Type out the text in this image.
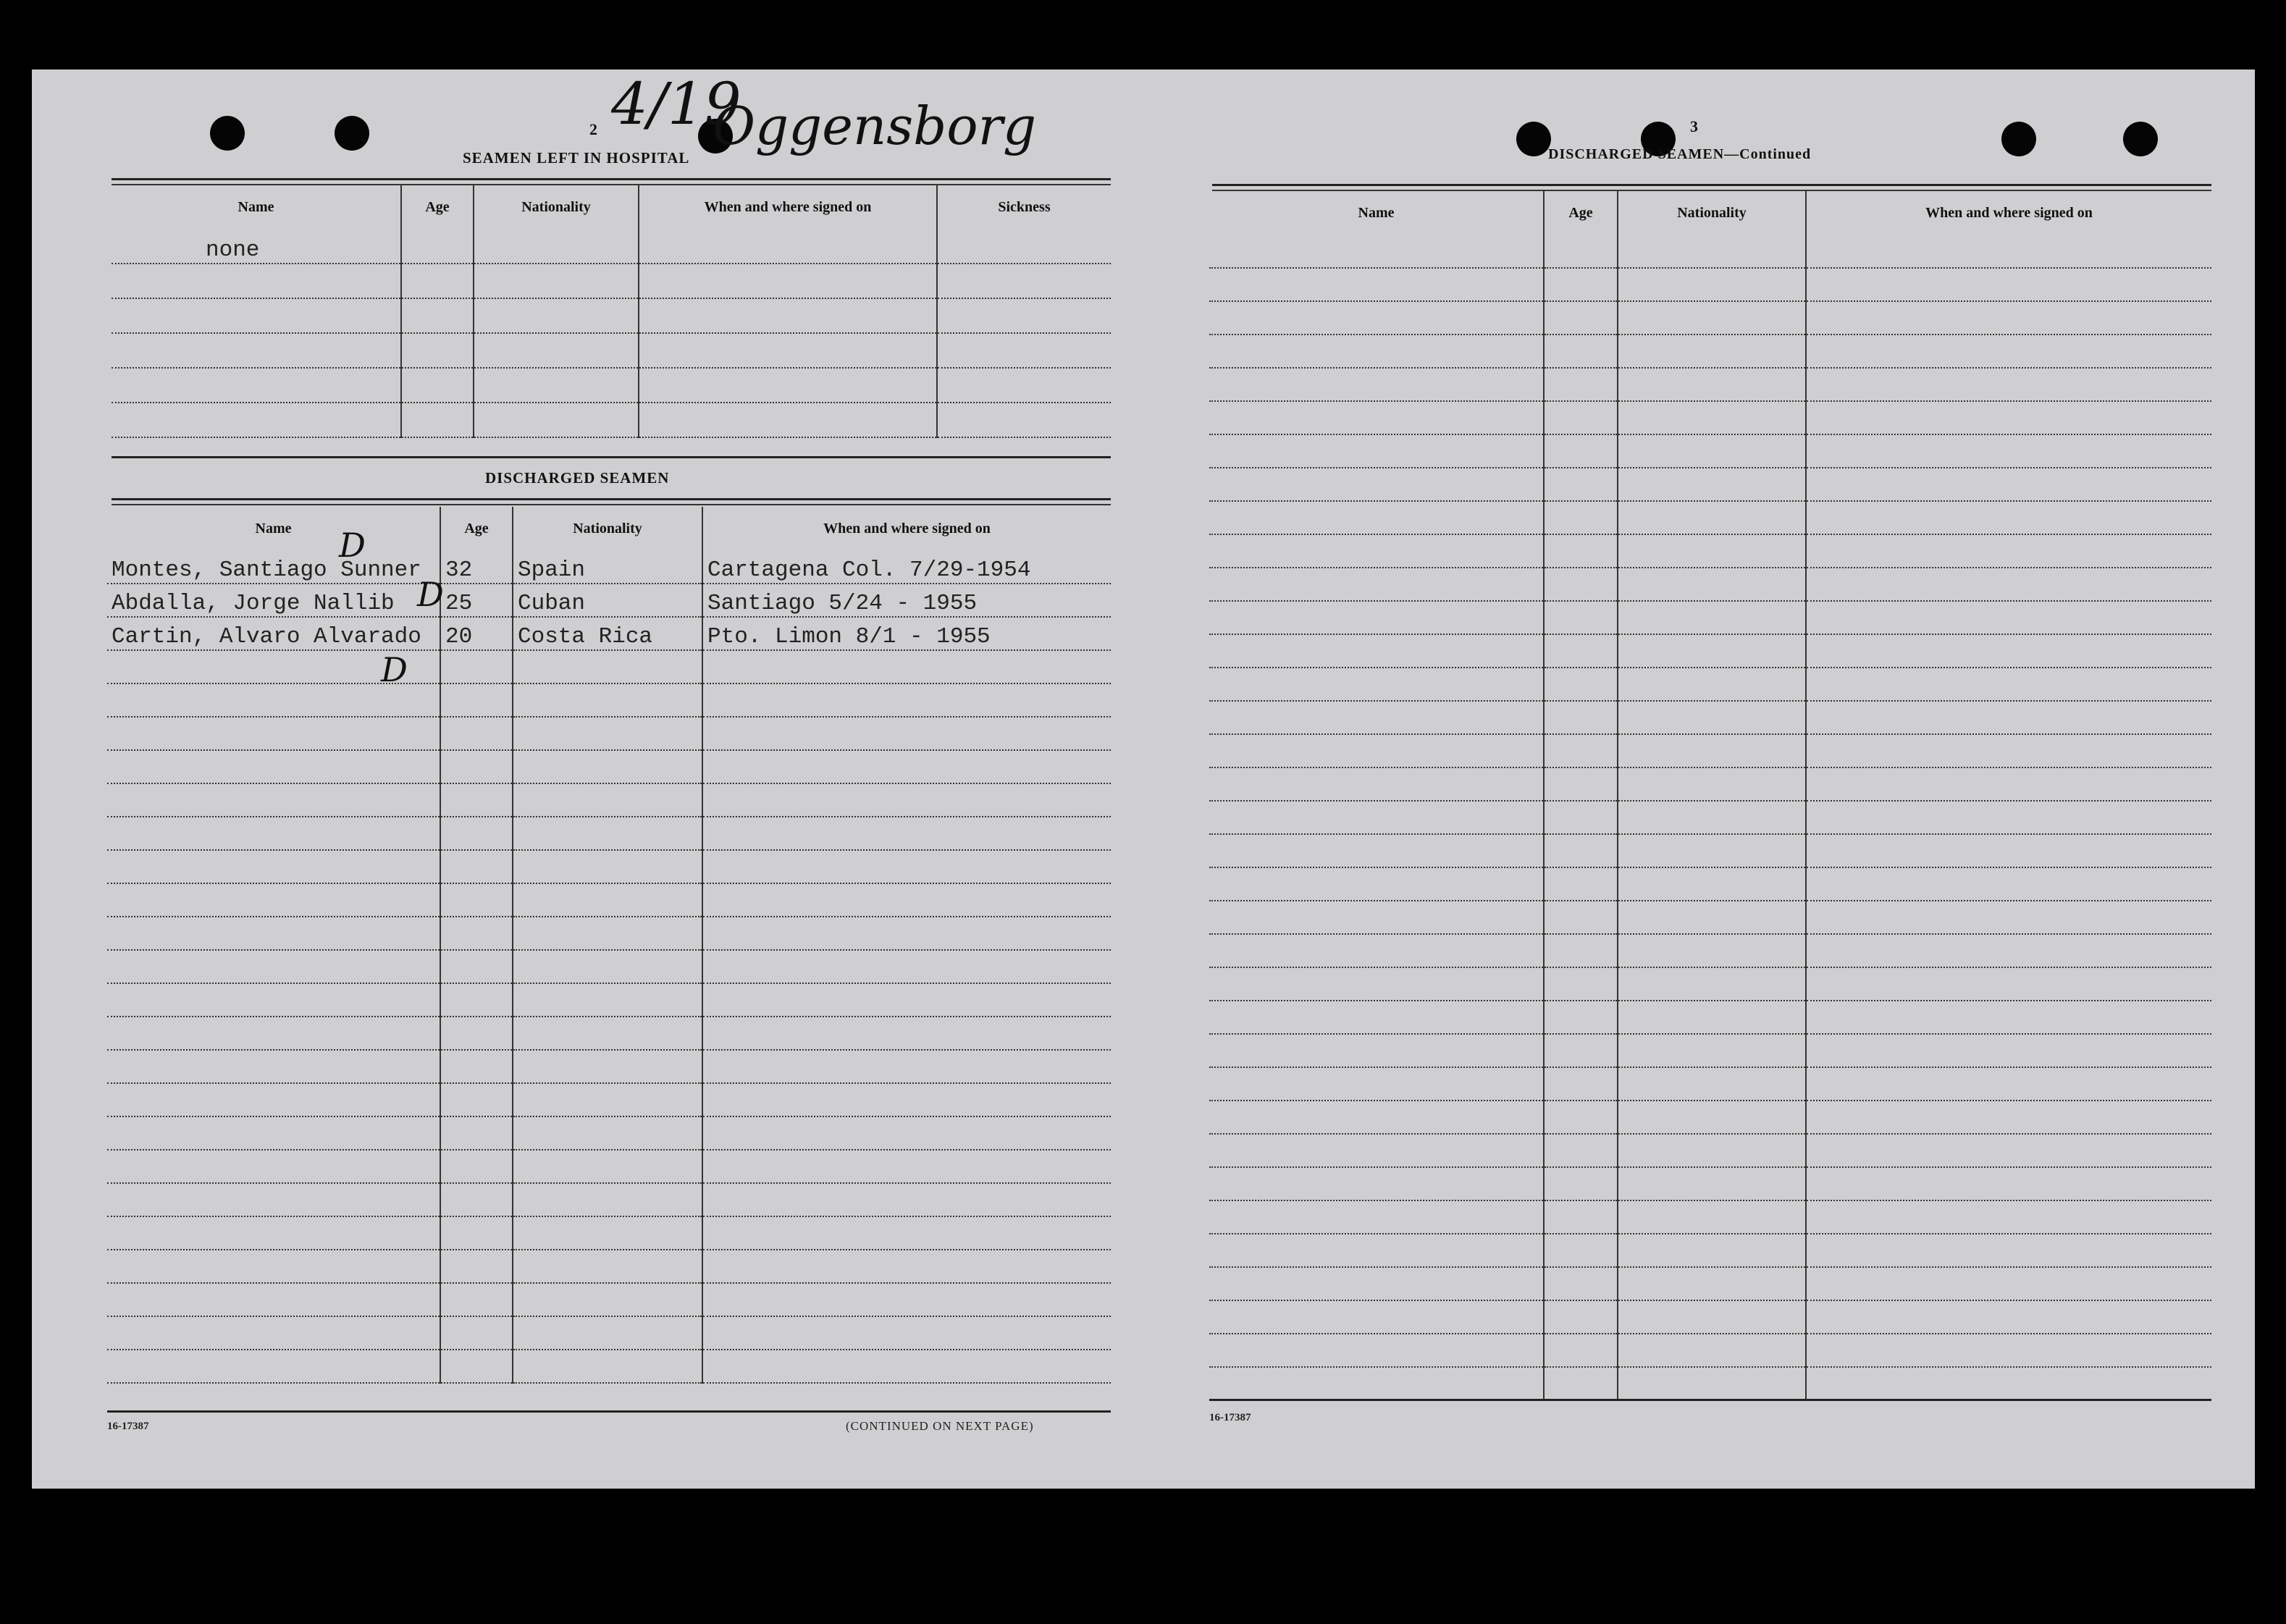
2 4/19
Oggensborg
SEAMEN LEFT IN HOSPITAL
Name	Age	Nationality	When and where signed on	Sickness
none				

DISCHARGED SEAMEN
Name	Age	Nationality	When and where signed on
Montes, Santiago Sunner	32	Spain	Cartagena Col. 7/29-1954
Abdalla, Jorge Nallib	25	Cuban	Santiago 5/24 - 1955
Cartin, Alvaro Alvarado	20	Costa Rica	Pto. Limon 8/1 - 1955

D
D
D
16-17387	(CONTINUED ON NEXT PAGE)
3
DISCHARGED SEAMEN—Continued
Name	Age	Nationality	When and where signed on

16-17387
